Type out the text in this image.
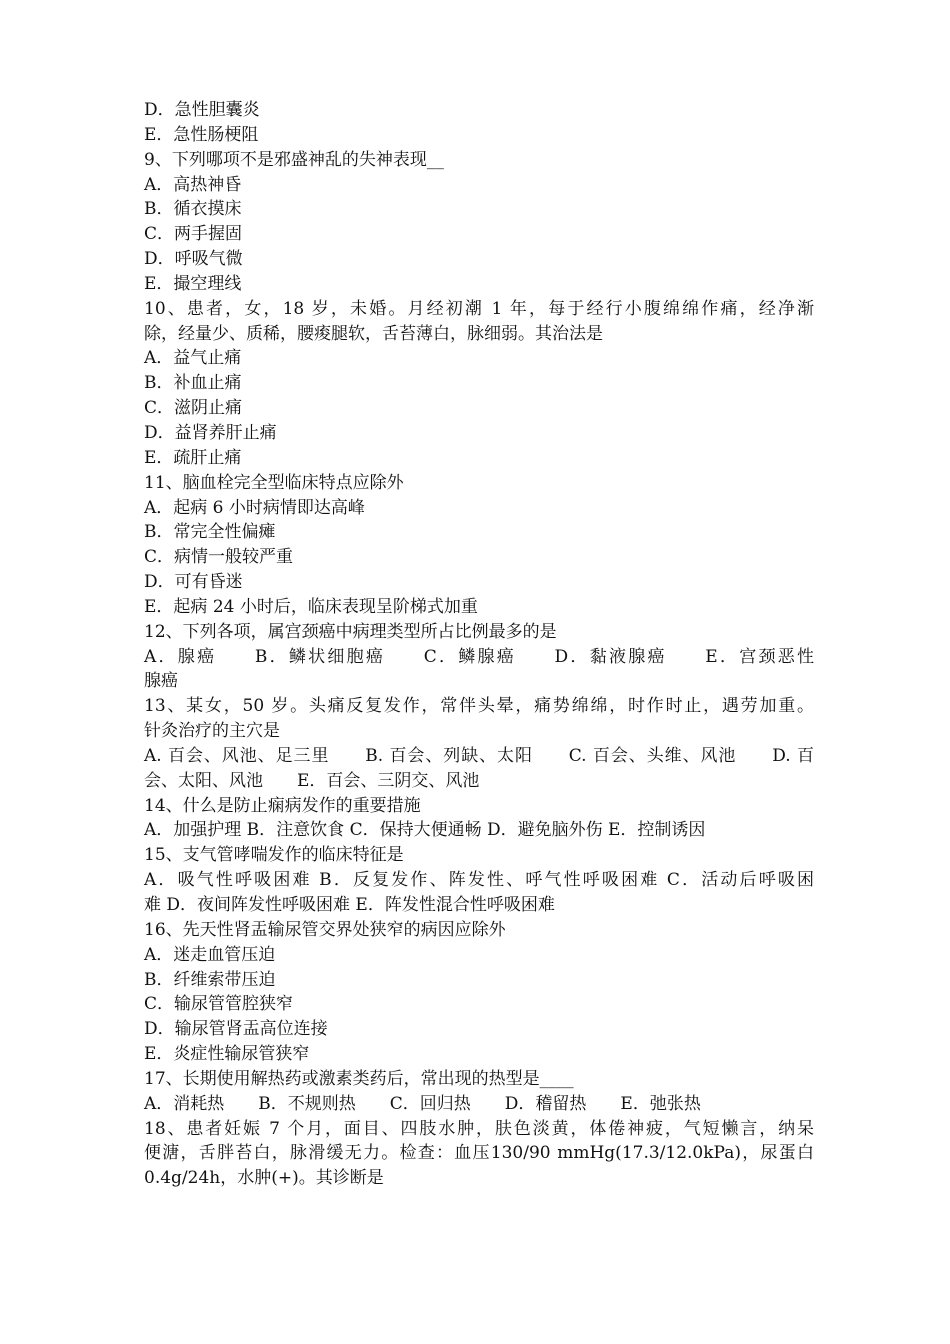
D．急性胆囊炎
E．急性肠梗阻
9、下列哪项不是邪盛神乱的失神表现__
A．高热神昏
B．循衣摸床
C．两手握固
D．呼吸气微
E．撮空理线
10、患者，女，18 岁，未婚。月经初潮 1 年，每于经行小腹绵绵作痛，经净渐
除，经量少、质稀，腰痠腿软，舌苔薄白，脉细弱。其治法是
A．益气止痛
B．补血止痛
C．滋阴止痛
D．益肾养肝止痛
E．疏肝止痛
11、脑血栓完全型临床特点应除外
A．起病 6 小时病情即达高峰
B．常完全性偏瘫
C．病情一般较严重
D．可有昏迷
E．起病 24 小时后，临床表现呈阶梯式加重
12、下列各项，属宫颈癌中病理类型所占比例最多的是
A．腺癌　　B．鳞状细胞癌　　C．鳞腺癌　　D．黏液腺癌　　E．宫颈恶性
腺癌
13、某女，50 岁。头痛反复发作，常伴头晕，痛势绵绵，时作时止，遇劳加重。
针灸治疗的主穴是
A. 百会、风池、足三里　　B. 百会、列缺、太阳　　C. 百会、头维、风池　　D. 百
会、太阳、风池　　E．百会、三阴交、风池
14、什么是防止痫病发作的重要措施
A．加强护理 B．注意饮食 C．保持大便通畅 D．避免脑外伤 E．控制诱因
15、支气管哮喘发作的临床特征是
A．吸气性呼吸困难 B．反复发作、阵发性、呼气性呼吸困难 C．活动后呼吸困
难 D．夜间阵发性呼吸困难 E．阵发性混合性呼吸困难
16、先天性肾盂输尿管交界处狭窄的病因应除外
A．迷走血管压迫
B．纤维索带压迫
C．输尿管管腔狭窄
D．输尿管肾盂高位连接
E．炎症性输尿管狭窄
17、长期使用解热药或激素类药后，常出现的热型是____
A．消耗热　　B．不规则热　　C．回归热　　D．稽留热　　E．弛张热
18、患者妊娠 7 个月，面目、四肢水肿，肤色淡黄，体倦神疲，气短懒言，纳呆
便溏，舌胖苔白，脉滑缓无力。检查：血压130/90 mmHg(17.3/12.0kPa)，尿蛋白
0.4g/24h，水肿(+)。其诊断是
